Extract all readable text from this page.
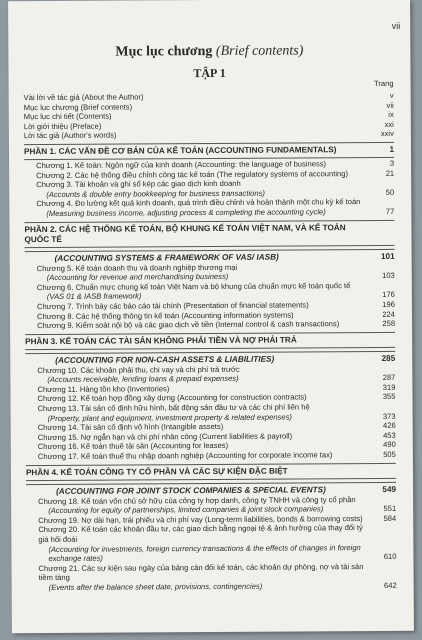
vii
Mục lục chương (Brief contents)
TẬP 1
Trang
Vài lời về tác giả (About the Author)	v
Mục lục chương (Brief contents)	vii
Mục lục chi tiết (Contents)	ix
Lời giới thiệu (Preface)	xxi
Lời tác giả (Author's words)	xxiv
PHẦN 1. CÁC VẤN ĐỀ CƠ BẢN CỦA KẾ TOÁN (ACCOUNTING FUNDAMENTALS)	1
Chương 1. Kế toán: Ngôn ngữ của kinh doanh (Accounting: the language of business)	3
Chương 2. Các hệ thống điều chỉnh công tác kế toán (The regulatory systems of accounting)	21
Chương 3. Tài khoản và ghi sổ kép các giao dịch kinh doanh
(Accounts & double entry bookkeeping for business transactions)	50
Chương 4. Đo lường kết quả kinh doanh, quá trình điều chỉnh và hoàn thành một chu kỳ kế toán
(Measuring business income, adjusting process & completing the accounting cycle)	77
PHẦN 2. CÁC HỆ THỐNG KẾ TOÁN, BỘ KHUNG KẾ TOÁN VIỆT NAM, VÀ KẾ TOÁN QUỐC TẾ
(ACCOUNTING SYSTEMS & FRAMEWORK OF VAS/ IASB)	101
Chương 5. Kế toán doanh thu và doanh nghiệp thương mại
(Accounting for revenue and merchandising business)	103
Chương 6. Chuẩn mực chung kế toán Việt Nam và bộ khung của chuẩn mực kế toán quốc tế
(VAS 01 & IASB framework)	176
Chương 7. Trình bày các báo cáo tài chính (Presentation of financial statements)	196
Chương 8. Các hệ thống thông tin kế toán (Accounting information systems)	224
Chương 9. Kiểm soát nội bộ và các giao dịch về tiền (Internal control & cash transactions)	258
PHẦN 3. KẾ TOÁN CÁC TÀI SẢN KHÔNG PHẢI TIỀN VÀ NỢ PHẢI TRẢ
(ACCOUNTING FOR NON-CASH ASSETS & LIABILITIES)	285
Chương 10. Các khoản phải thu, chi vay và chi phí trả trước
(Accounts receivable, lending loans & prepaid expenses)	287
Chương 11. Hàng tồn kho (Inventories)	319
Chương 12. Kế toán hợp đồng xây dựng (Accounting for construction contracts)	355
Chương 13. Tài sản cố định hữu hình, bất động sản đầu tư và các chi phí liên hệ
(Property, plant and equipment, investment property & related expenses)	373
Chương 14. Tài sản cố định vô hình (Intangible assets)	426
Chương 15. Nợ ngắn hạn và chi phí nhân công (Current liabilities & payroll)	453
Chương 16. Kế toán thuê tài sản (Accounting for leases)	490
Chương 17. Kế toán thuế thu nhập doanh nghiệp (Accounting for corporate income tax)	505
PHẦN 4. KẾ TOÁN CÔNG TY CỔ PHẦN VÀ CÁC SỰ KIỆN ĐẶC BIỆT
(ACCOUNTING FOR JOINT STOCK COMPANIES & SPECIAL EVENTS)	549
Chương 18. Kế toán vốn chủ sở hữu của công ty hợp danh, công ty TNHH và công ty cổ phần
(Accounting for equity of partnerships, limited companies & joint stock companies)	551
Chương 19. Nợ dài hạn, trái phiếu và chi phí vay (Long-term liabilities, bonds & borrowing costs)	584
Chương 20. Kế toán các khoản đầu tư, các giao dịch bằng ngoại tệ & ảnh hưởng của thay đổi tỷ giá hối đoái
(Accounting for investments, foreign currency transactions & the effects of changes in foreign exchange rates)	610
Chương 21. Các sự kiện sau ngày của bảng cân đối kế toán, các khoản dự phòng, nợ và tài sản tiềm tàng
(Events after the balance sheet date, provisions, contingencies)	642
